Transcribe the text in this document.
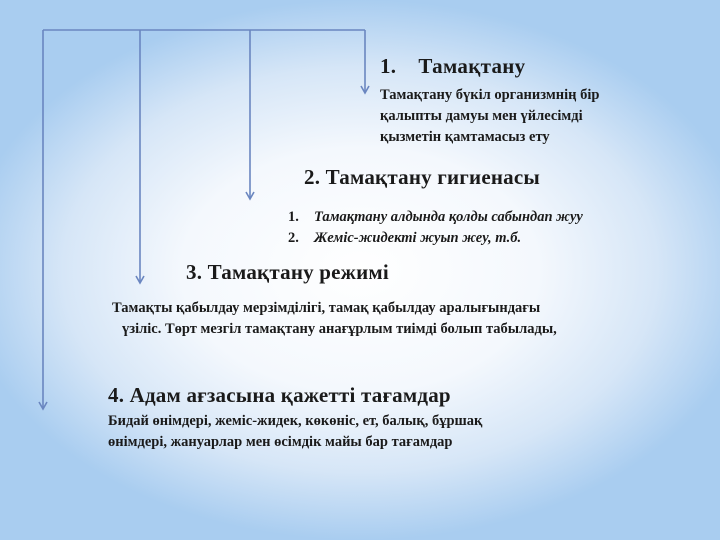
1. Тамақтану
Тамақтану бүкіл организмнің бір
қалыпты дамуы мен үйлесімді
қызметін қамтамасыз ету
2. Тамақтану гигиенасы
1. Тамақтану алдында қолды сабындап жуу
2. Жеміс-жидекті жуып жеу, т.б.
3. Тамақтану режимі
Тамақты қабылдау мерзімділігі, тамақ қабылдау аралығындағы
үзіліс. Төрт мезгіл тамақтану анағұрлым тиімді болып табылады,
4. Адам ағзасына қажетті тағамдар
Бидай өнімдері, жеміс-жидек, көкөніс, ет, балық, бұршақ
өнімдері, жануарлар мен өсімдік майы бар тағамдар
